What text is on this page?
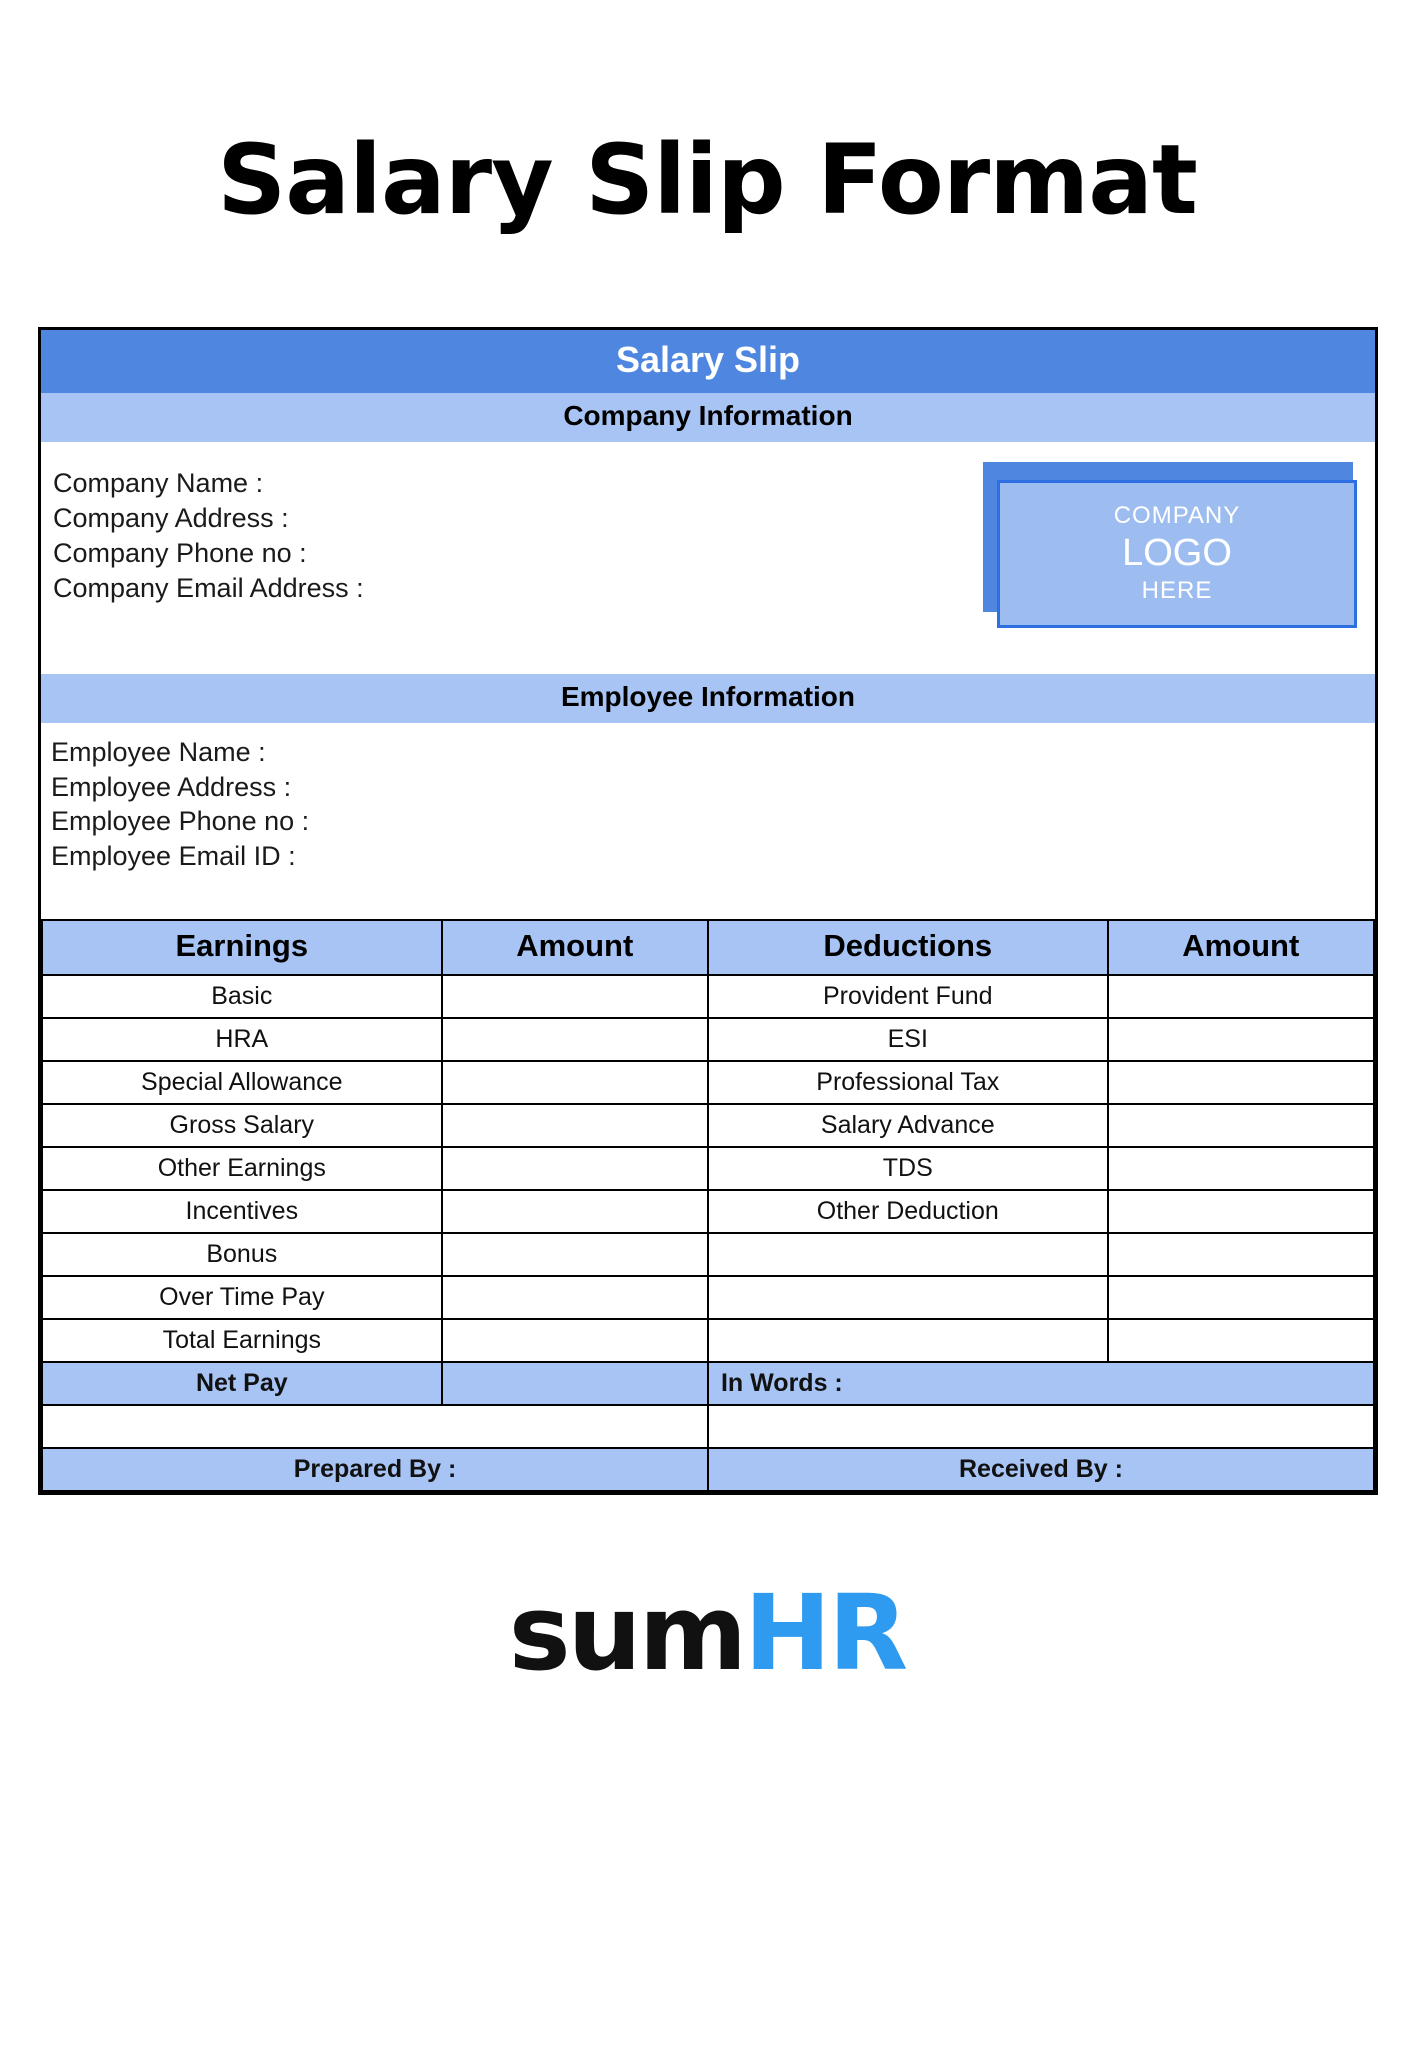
Salary Slip Format
Salary Slip
Company Information
Company Name :
Company Address :
Company Phone no :
Company Email Address :
COMPANY
LOGO
HERE
Employee Information
Employee Name :
Employee Address :
Employee Phone no :
Employee Email ID :
Earnings	Amount	Deductions	Amount
Basic		Provident Fund	
HRA		ESI	
Special Allowance		Professional Tax	
Gross Salary		Salary Advance	
Other Earnings		TDS	
Incentives		Other Deduction	
Bonus			
Over Time Pay			
Total Earnings			
Net Pay		In Words :	

Prepared By :		Received By :	
sumHR
